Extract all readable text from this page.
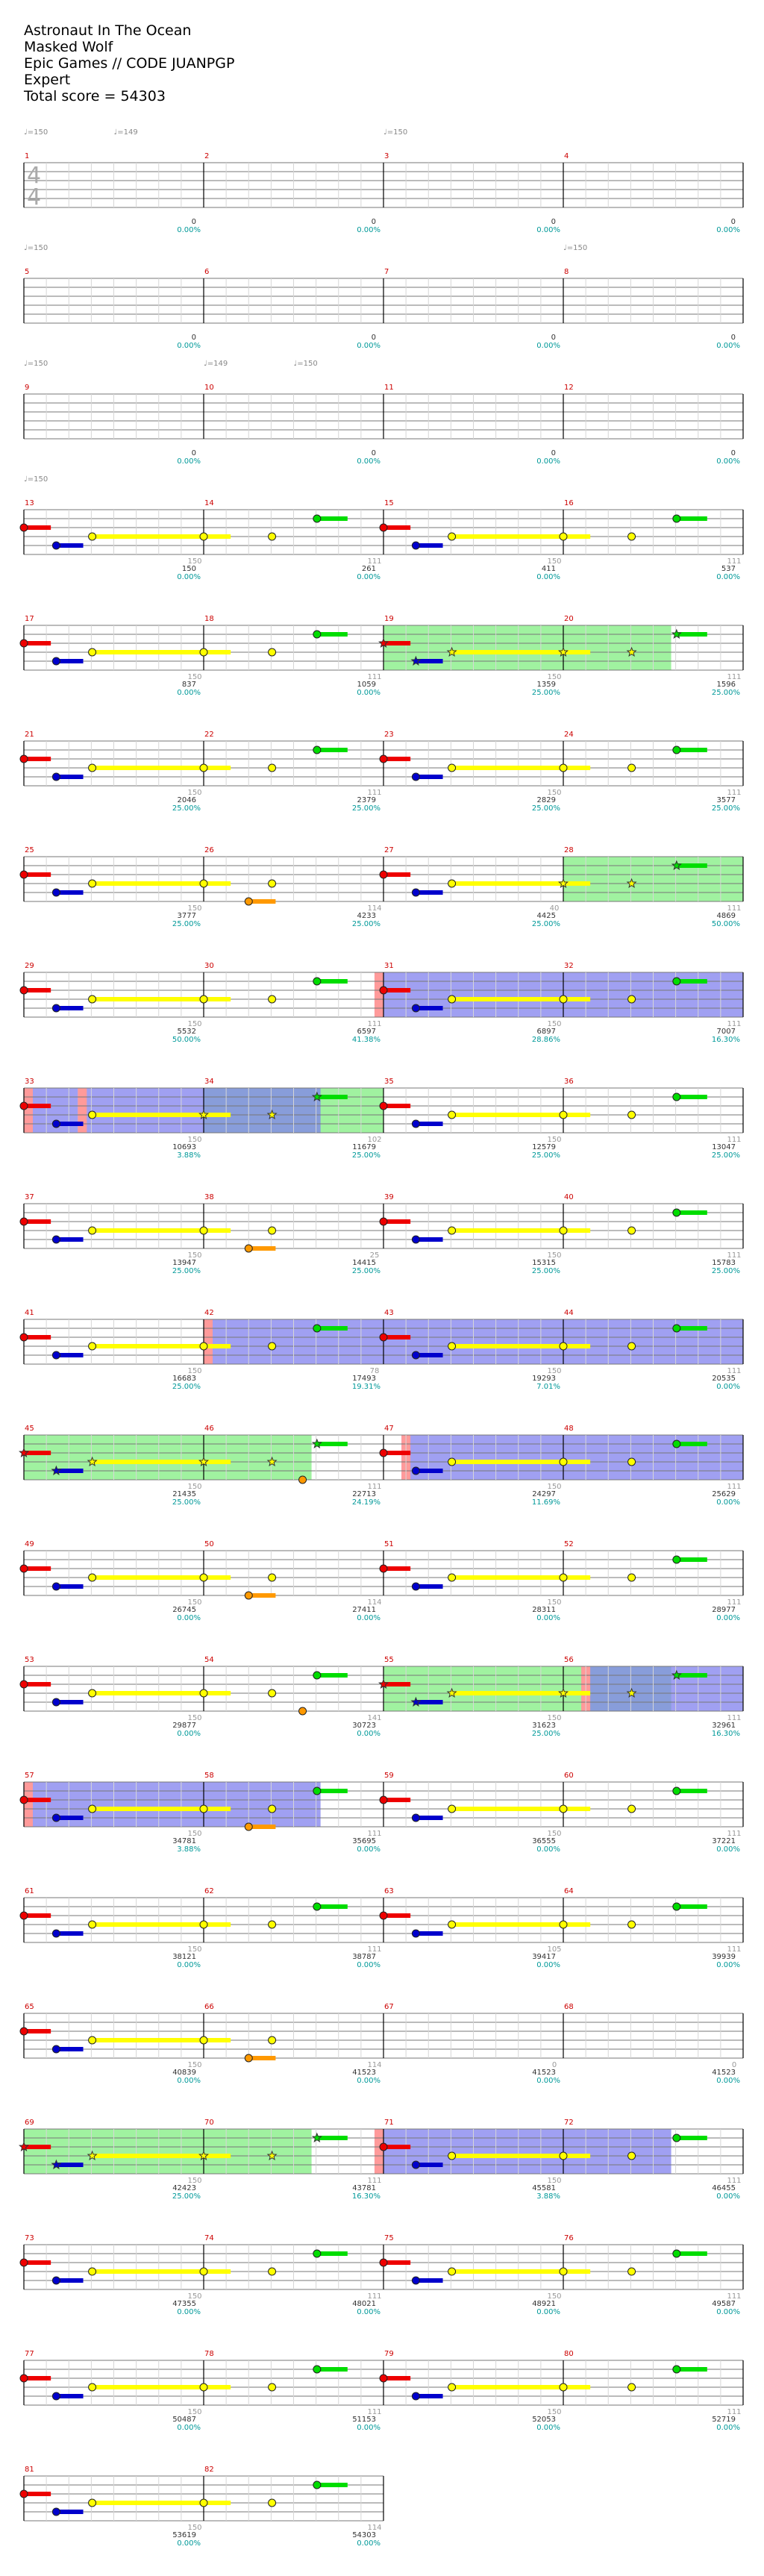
Astronaut In The Ocean
Masked Wolf
Epic Games // CODE JUANPGP
Expert
Total score = 54303
4
4
♩=150	♩=149	♩=150
♩=150	♩=150
♩=150	♩=149	♩=150
♩=150
1
0
0.00%
2
0
0.00%
3
0
0.00%
4
0
0.00%
5
0
0.00%
6
0
0.00%
7
0
0.00%
8
0
0.00%
9
0
0.00%
10
0
0.00%
11
0
0.00%
12
0
0.00%
13
150
150
0.00%
14
111
261
0.00%
15
150
411
0.00%
16
111
537
0.00%
17
150
837
0.00%
18
111
1059
0.00%
19
150
1359
25.00%
20
111
1596
25.00%
21
150
2046
25.00%
22
111
2379
25.00%
23
150
2829
25.00%
24
111
3577
25.00%
25
150
3777
25.00%
26
114
4233
25.00%
27
40
4425
25.00%
28
111
4869
50.00%
29
150
5532
50.00%
30
111
6597
41.38%
31
150
6897
28.86%
32
111
7007
16.30%
33
150
10693
3.88%
34
102
11679
25.00%
35
150
12579
25.00%
36
111
13047
25.00%
37
150
13947
25.00%
38
25
14415
25.00%
39
150
15315
25.00%
40
111
15783
25.00%
41
150
16683
25.00%
42
78
17493
19.31%
43
150
19293
7.01%
44
111
20535
0.00%
45
150
21435
25.00%
46
111
22713
24.19%
47
150
24297
11.69%
48
111
25629
0.00%
49
150
26745
0.00%
50
114
27411
0.00%
51
150
28311
0.00%
52
111
28977
0.00%
53
150
29877
0.00%
54
141
30723
0.00%
55
150
31623
25.00%
56
111
32961
16.30%
57
150
34781
3.88%
58
111
35695
0.00%
59
150
36555
0.00%
60
111
37221
0.00%
61
150
38121
0.00%
62
111
38787
0.00%
63
105
39417
0.00%
64
111
39939
0.00%
65
150
40839
0.00%
66
114
41523
0.00%
67
0
41523
0.00%
68
0
41523
0.00%
69
150
42423
25.00%
70
111
43781
16.30%
71
150
45581
3.88%
72
111
46455
0.00%
73
150
47355
0.00%
74
111
48021
0.00%
75
150
48921
0.00%
76
111
49587
0.00%
77
150
50487
0.00%
78
111
51153
0.00%
79
150
52053
0.00%
80
111
52719
0.00%
81
150
53619
0.00%
82
114
54303
0.00%
